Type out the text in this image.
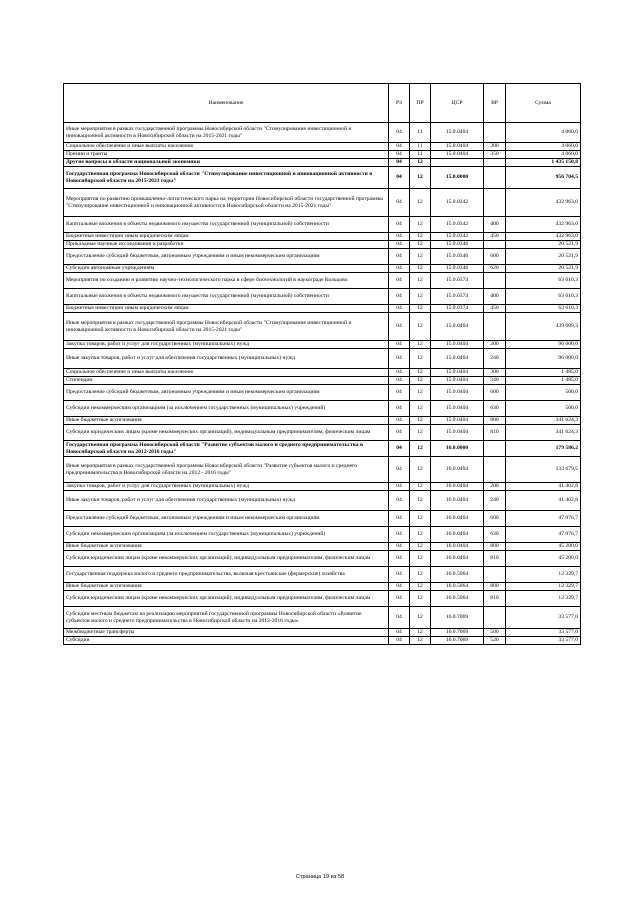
Наименование	РЗ	ПР	ЦСР	ВР	Сумма
Иные мероприятия в рамках государственной программы Новосибирской области "Стимулирование инвестиционной и инновационной активности в Новосибирской области на 2015-2021 годы"	04	11	15.0.0404		4 060,0
Социальное обеспечение и иные выплаты населению	04	11	15.0.0404	300	4 060,0
Премии и гранты	04	11	15.0.0404	350	4 060,0
Другие вопросы в области национальной экономики	04	12			1 435 150,8
Государственная программа Новосибирской области "Стимулирование инвестиционной и инновационной активности в Новосибирской области на 2015-2021 годы"	04	12	15.0.0000		956 704,5
Мероприятия по развитию промышленно-логистического парка на территории Новосибирской области государственной программы "Стимулирование инвестиционной и инновационной активности в Новосибирской области на 2015-2021 годы"	04	12	15.0.0342		432 963,0
Капитальные вложения в объекты недвижимого имущества государственной (муниципальной) собственности	04	12	15.0.0342	400	432 963,0
Бюджетные инвестиции иным юридическим лицам	04	12	15.0.0342	450	432 963,0
Прикладные научные исследования и разработки	04	12	15.0.0346		20 521,9
Предоставление субсидий бюджетным, автономным учреждениям и иным некоммерческим организациям	04	12	15.0.0346	600	20 521,9
Субсидии автономным учреждениям	04	12	15.0.0346	620	20 521,9
Мероприятия по созданию и развитию научно-технологического парка в сфере биотехнологий в наукограде Кольцово	04	12	15.0.0374		63 610,3
Капитальные вложения в объекты недвижимого имущества государственной (муниципальной) собственности	04	12	15.0.0374	400	63 610,3
Бюджетные инвестиции иным юридическим лицам	04	12	15.0.0374	450	63 610,3
Иные мероприятия в рамках государственной программы Новосибирской области "Стимулирование инвестиционной и инновационной активности в Новосибирской области на 2015-2021 годы"	04	12	15.0.0404		439 609,3
Закупка товаров, работ и услуг для государственных (муниципальных) нужд	04	12	15.0.0404	200	96 000,0
Иные закупки товаров, работ и услуг для обеспечения государственных (муниципальных) нужд	04	12	15.0.0404	240	96 000,0
Социальное обеспечение и иные выплаты населению	04	12	15.0.0404	300	1 485,0
Стипендии	04	12	15.0.0404	340	1 485,0
Предоставление субсидий бюджетным, автономным учреждениям и иным некоммерческим организациям	04	12	15.0.0404	600	500,0
Субсидии некоммерческим организациям (за исключением государственных (муниципальных) учреждений)	04	12	15.0.0404	630	500,0
Иные бюджетные ассигнования	04	12	15.0.0404	800	341 624,3
Субсидии юридическим лицам (кроме некоммерческих организаций), индивидуальным предпринимателям, физическим лицам	04	12	15.0.0404	810	341 624,3
Государственная программа Новосибирской области "Развитие субъектов малого и среднего предпринимательства в Новосибирской области на 2012-2016 годы"	04	12	16.0.0000		179 586,2
Иные мероприятия в рамках государственной программы Новосибирской области "Развитие субъектов малого и среднего предпринимательства в Новосибирской области на 2012 - 2016 годы"	04	12	16.0.0404		133 679,5
Закупка товаров, работ и услуг для государственных (муниципальных) нужд	04	12	16.0.0404	200	41 402,8
Иные закупки товаров, работ и услуг для обеспечения государственных (муниципальных) нужд	04	12	16.0.0404	240	41 402,8
Предоставление субсидий бюджетным, автономным учреждениям и иным некоммерческим организациям	04	12	16.0.0404	600	47 076,7
Субсидии некоммерческим организациям (за исключением государственных (муниципальных) учреждений)	04	12	16.0.0404	630	47 076,7
Иные бюджетные ассигнования	04	12	16.0.0404	800	45 200,0
Субсидии юридическим лицам (кроме некоммерческих организаций), индивидуальным предпринимателям, физическим лицам	04	12	16.0.0404	810	45 200,0
Государственная поддержка малого и среднего предпринимательства, включая крестьянские (фермерские) хозяйства	04	12	16.0.5064		12 329,7
Иные бюджетные ассигнования	04	12	16.0.5064	800	12 329,7
Субсидии юридическим лицам (кроме некоммерческих организаций), индивидуальным предпринимателям, физическим лицам	04	12	16.0.5064	810	12 329,7
Субсидии местным бюджетам на реализацию мероприятий государственной программы Новосибирской области «Развитие субъектов малого и среднего предпринимательства в Новосибирской области на 2012-2016 годы»	04	12	16.0.7069		33 577,0
Межбюджетные трансферты	04	12	16.0.7069	500	33 577,0
Субсидии	04	12	16.0.7069	520	33 577,0
Страница 19 из 58
